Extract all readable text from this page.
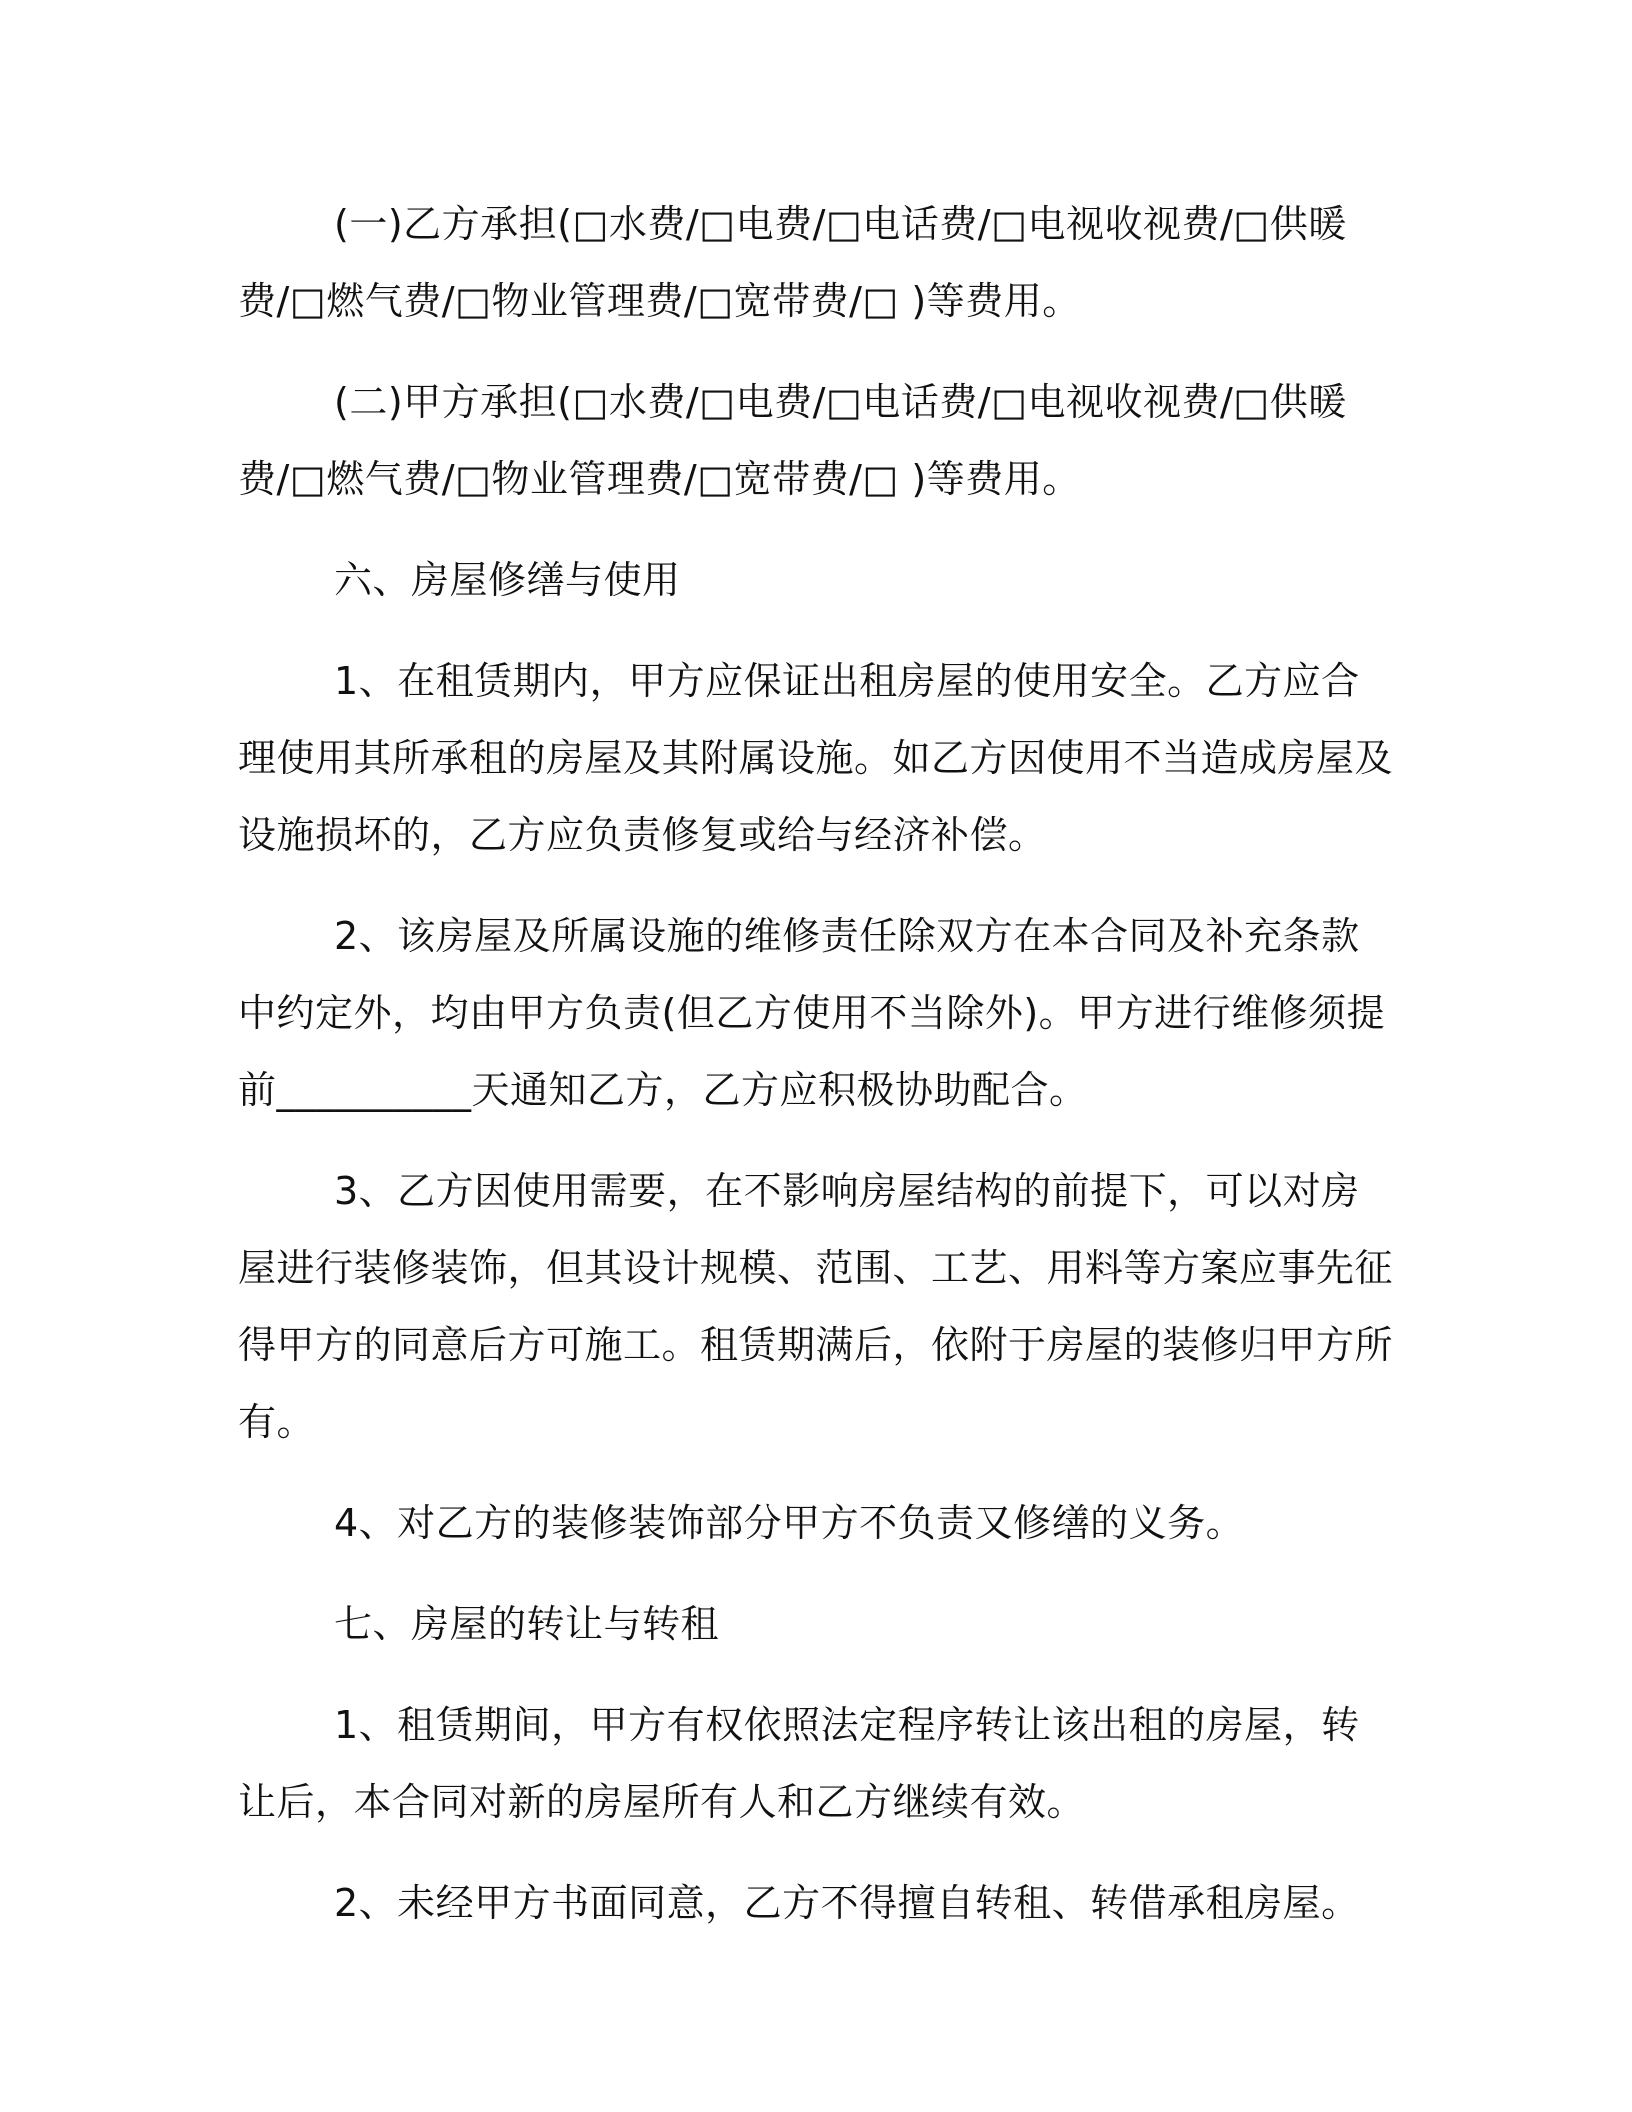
(一)乙方承担(□水费/□电费/□电话费/□电视收视费/□供暖费/□燃气费/□物业管理费/□宽带费/□ )等费用。

(二)甲方承担(□水费/□电费/□电话费/□电视收视费/□供暖费/□燃气费/□物业管理费/□宽带费/□ )等费用。

六、房屋修缮与使用

1、在租赁期内，甲方应保证出租房屋的使用安全。乙方应合理使用其所承租的房屋及其附属设施。如乙方因使用不当造成房屋及设施损坏的，乙方应负责修复或给与经济补偿。

2、该房屋及所属设施的维修责任除双方在本合同及补充条款中约定外，均由甲方负责(但乙方使用不当除外)。甲方进行维修须提前__________天通知乙方，乙方应积极协助配合。

3、乙方因使用需要，在不影响房屋结构的前提下，可以对房屋进行装修装饰，但其设计规模、范围、工艺、用料等方案应事先征得甲方的同意后方可施工。租赁期满后，依附于房屋的装修归甲方所有。

4、对乙方的装修装饰部分甲方不负责又修缮的义务。

七、房屋的转让与转租

1、租赁期间，甲方有权依照法定程序转让该出租的房屋，转让后，本合同对新的房屋所有人和乙方继续有效。

2、未经甲方书面同意，乙方不得擅自转租、转借承租房屋。
